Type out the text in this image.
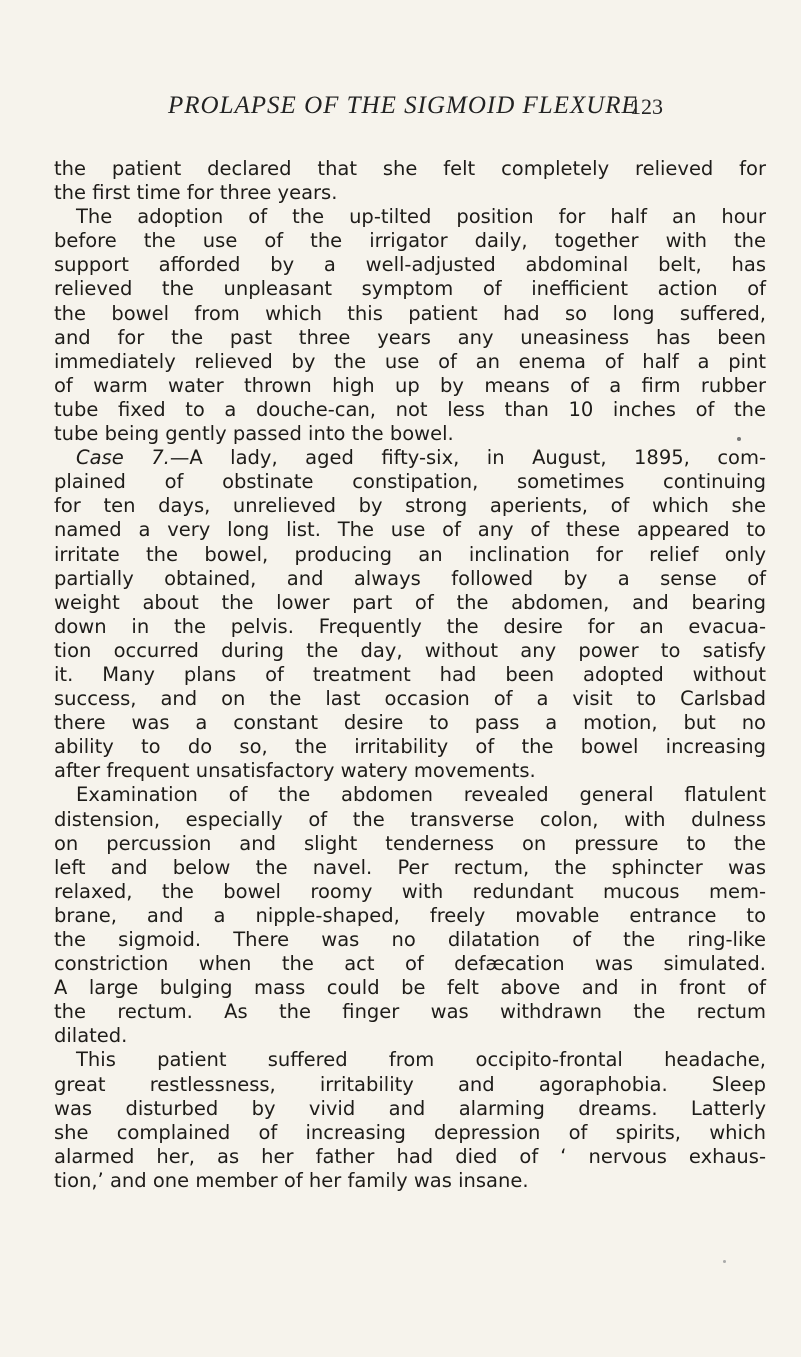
PROLAPSE OF THE SIGMOID FLEXURE
123
the patient declared that she felt completely relieved for
the first time for three years.
The adoption of the up-tilted position for half an hour
before the use of the irrigator daily, together with the
support afforded by a well-adjusted abdominal belt, has
relieved the unpleasant symptom of inefficient action of
the bowel from which this patient had so long suffered,
and for the past three years any uneasiness has been
immediately relieved by the use of an enema of half a pint
of warm water thrown high up by means of a firm rubber
tube fixed to a douche-can, not less than 10 inches of the
tube being gently passed into the bowel.
Case 7.—A lady, aged fifty-six, in August, 1895, com-
plained of obstinate constipation, sometimes continuing
for ten days, unrelieved by strong aperients, of which she
named a very long list. The use of any of these appeared to
irritate the bowel, producing an inclination for relief only
partially obtained, and always followed by a sense of
weight about the lower part of the abdomen, and bearing
down in the pelvis. Frequently the desire for an evacua-
tion occurred during the day, without any power to satisfy
it. Many plans of treatment had been adopted without
success, and on the last occasion of a visit to Carlsbad
there was a constant desire to pass a motion, but no
ability to do so, the irritability of the bowel increasing
after frequent unsatisfactory watery movements.
Examination of the abdomen revealed general flatulent
distension, especially of the transverse colon, with dulness
on percussion and slight tenderness on pressure to the
left and below the navel. Per rectum, the sphincter was
relaxed, the bowel roomy with redundant mucous mem-
brane, and a nipple-shaped, freely movable entrance to
the sigmoid. There was no dilatation of the ring-like
constriction when the act of defæcation was simulated.
A large bulging mass could be felt above and in front of
the rectum. As the finger was withdrawn the rectum
dilated.
This patient suffered from occipito-frontal headache,
great restlessness, irritability and agoraphobia. Sleep
was disturbed by vivid and alarming dreams. Latterly
she complained of increasing depression of spirits, which
alarmed her, as her father had died of ‘ nervous exhaus-
tion,’ and one member of her family was insane.
